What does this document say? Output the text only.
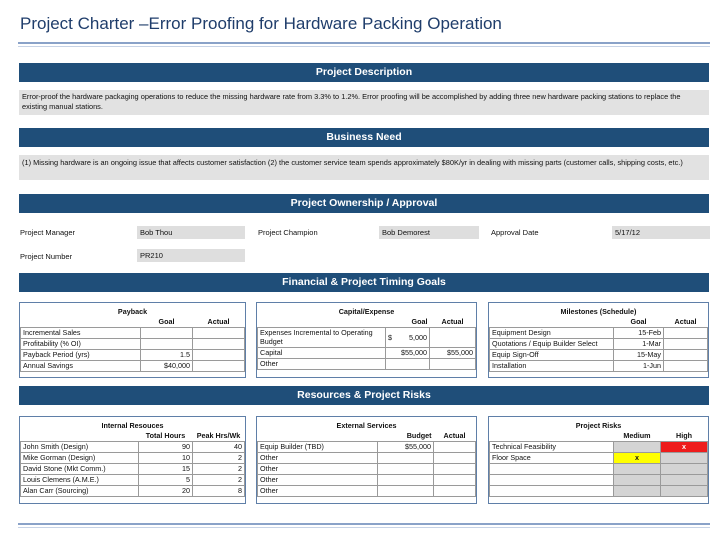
Project Charter –Error Proofing for Hardware Packing Operation
Project Description
Error-proof the hardware packaging operations to reduce the missing hardware rate from 3.3% to 1.2%. Error proofing will be accomplished by adding three new hardware packing stations to replace the existing manual stations.
Business Need
(1) Missing hardware is an ongoing issue that affects customer satisfaction (2) the customer service team spends approximately $80K/yr in dealing with missing parts (customer calls, shipping costs, etc.)
Project Ownership / Approval
Project Manager	Bob Thou	Project Champion	Bob Demorest	Approval Date	5/17/12
Project Number	PR210
Financial & Project Timing Goals
Payback		
	Goal	Actual
Incremental Sales		
Profitability (% OI)		
Payback Period (yrs)	1.5	
Annual Savings	$40,000	
Capital/Expense			
	Goal		Actual
Expenses Incremental to Operating Budget	$	5,000	
Capital	$55,000		$55,000
Other			
Milestones (Schedule)		
	Goal	Actual
Equipment Design	15-Feb	
Quotations / Equip Builder Select	1-Mar	
Equip Sign-Off	15-May	
Installation	1-Jun	
Resources & Project Risks
Internal Resouces		
	Total Hours	Peak Hrs/Wk
John Smith (Design)	90	40
Mike Gorman (Design)	10	2
David Stone (Mkt Comm.)	15	2
Louis Clemens (A.M.E.)	5	2
Alan Carr (Sourcing)	20	8
External Services		
	Budget	Actual
Equip Builder (TBD)	$55,000	
Other		
Other		
Other		
Other		
Project Risks		
	Medium	High
Technical Feasibility		x
Floor Space	x	
